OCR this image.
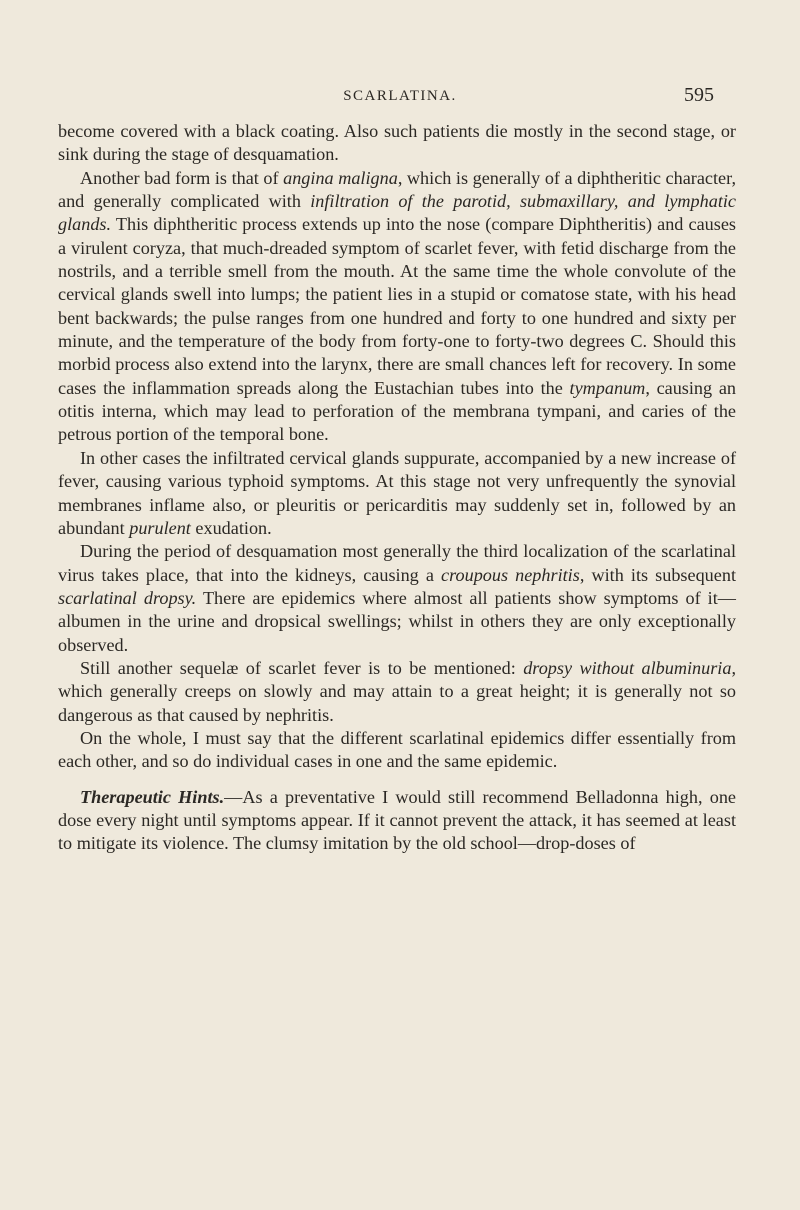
SCARLATINA.	595

become covered with a black coating. Also such patients die mostly in the second stage, or sink during the stage of desquamation.

Another bad form is that of angina maligna, which is generally of a diphtheritic character, and generally complicated with infiltration of the parotid, submaxillary, and lymphatic glands. This diphtheritic process extends up into the nose (compare Diphtheritis) and causes a virulent coryza, that much-dreaded symptom of scarlet fever, with fetid discharge from the nostrils, and a terrible smell from the mouth. At the same time the whole convolute of the cervical glands swell into lumps; the patient lies in a stupid or comatose state, with his head bent backwards; the pulse ranges from one hundred and forty to one hundred and sixty per minute, and the temperature of the body from forty-one to forty-two degrees C. Should this morbid process also extend into the larynx, there are small chances left for recovery. In some cases the inflammation spreads along the Eustachian tubes into the tympanum, causing an otitis interna, which may lead to perforation of the membrana tympani, and caries of the petrous portion of the temporal bone.

In other cases the infiltrated cervical glands suppurate, accompanied by a new increase of fever, causing various typhoid symptoms. At this stage not very unfrequently the synovial membranes inflame also, or pleuritis or pericarditis may suddenly set in, followed by an abundant purulent exudation.

During the period of desquamation most generally the third localization of the scarlatinal virus takes place, that into the kidneys, causing a croupous nephritis, with its subsequent scarlatinal dropsy. There are epidemics where almost all patients show symptoms of it—albumen in the urine and dropsical swellings; whilst in others they are only exceptionally observed.

Still another sequelæ of scarlet fever is to be mentioned: dropsy without albuminuria, which generally creeps on slowly and may attain to a great height; it is generally not so dangerous as that caused by nephritis.

On the whole, I must say that the different scarlatinal epidemics differ essentially from each other, and so do individual cases in one and the same epidemic.

Therapeutic Hints.—As a preventative I would still recommend Belladonna high, one dose every night until symptoms appear. If it cannot prevent the attack, it has seemed at least to mitigate its violence. The clumsy imitation by the old school—drop-doses of
